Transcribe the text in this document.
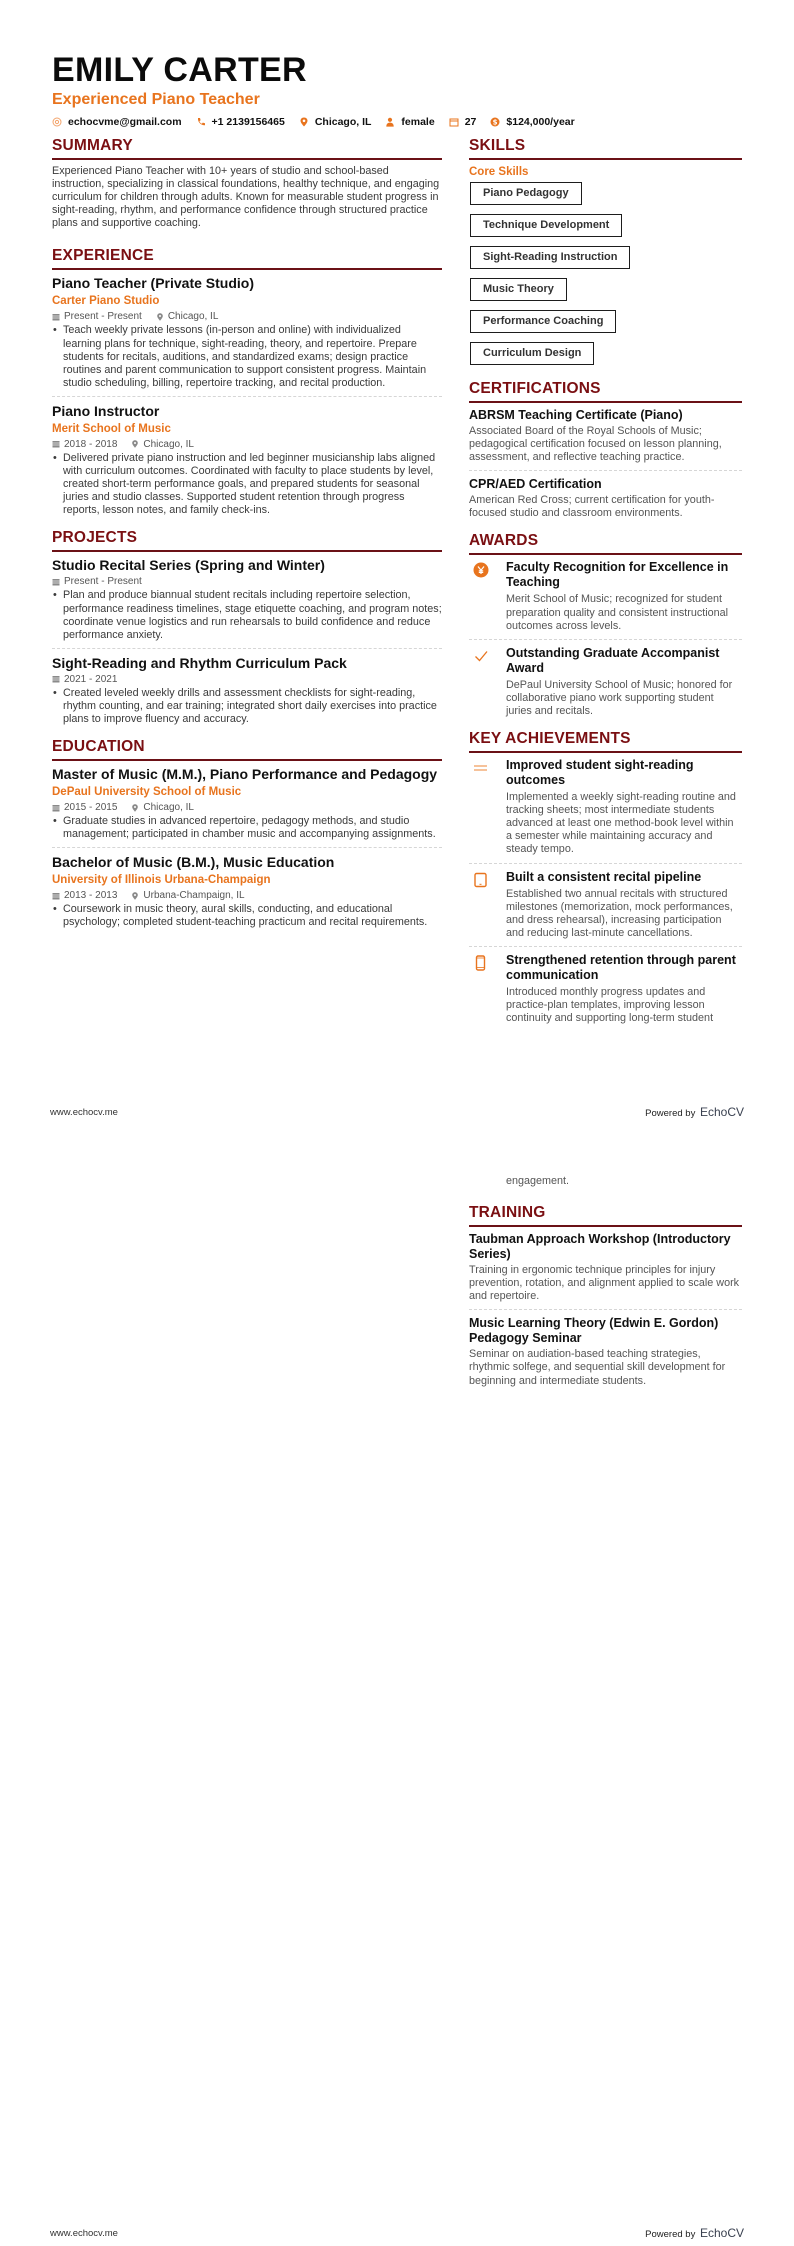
EMILY CARTER
Experienced Piano Teacher
echocvme@gmail.com	+1 2139156465	Chicago, IL	female	27 $ $124,000/year
SUMMARY

Experienced Piano Teacher with 10+ years of studio and school-based instruction, specializing in classical foundations, healthy technique, and engaging curriculum for children through adults. Known for measurable student progress in sight-reading, rhythm, and performance confidence through structured practice plans and supportive coaching.

EXPERIENCE
Piano Teacher (Private Studio)
Carter Piano Studio
Present - Present	Chicago, IL
• Teach weekly private lessons (in-person and online) with individualized learning plans for technique, sight-reading, theory, and repertoire. Prepare students for recitals, auditions, and standardized exams; design practice routines and parent communication to support consistent progress. Maintain studio scheduling, billing, repertoire tracking, and recital production.
Piano Instructor
Merit School of Music
2018 - 2018	Chicago, IL
• Delivered private piano instruction and led beginner musicianship labs aligned with curriculum outcomes. Coordinated with faculty to place students by level, created short-term performance goals, and prepared students for seasonal juries and studio classes. Supported student retention through progress reports, lesson notes, and family check-ins.
PROJECTS
Studio Recital Series (Spring and Winter)
Present - Present
• Plan and produce biannual student recitals including repertoire selection, performance readiness timelines, stage etiquette coaching, and program notes; coordinate venue logistics and run rehearsals to build confidence and reduce performance anxiety.
Sight-Reading and Rhythm Curriculum Pack
2021 - 2021
• Created leveled weekly drills and assessment checklists for sight-reading, rhythm counting, and ear training; integrated short daily exercises into practice plans to improve fluency and accuracy.
EDUCATION
Master of Music (M.M.), Piano Performance and Pedagogy
DePaul University School of Music
2015 - 2015	Chicago, IL
• Graduate studies in advanced repertoire, pedagogy methods, and studio management; participated in chamber music and accompanying assignments.
Bachelor of Music (B.M.), Music Education
University of Illinois Urbana-Champaign
2013 - 2013	Urbana-Champaign, IL
• Coursework in music theory, aural skills, conducting, and educational psychology; completed student-teaching practicum and recital requirements.
SKILLS
Core Skills
Piano Pedagogy
Technique Development
Sight-Reading Instruction
Music Theory
Performance Coaching
Curriculum Design
CERTIFICATIONS
ABRSM Teaching Certificate (Piano)
Associated Board of the Royal Schools of Music; pedagogical certification focused on lesson planning, assessment, and reflective teaching practice.
CPR/AED Certification
American Red Cross; current certification for youth-focused studio and classroom environments.
AWARDS
Faculty Recognition for Excellence in Teaching
Merit School of Music; recognized for student preparation quality and consistent instructional outcomes across levels.
Outstanding Graduate Accompanist Award
DePaul University School of Music; honored for collaborative piano work supporting student juries and recitals.
KEY ACHIEVEMENTS
Improved student sight-reading outcomes
Implemented a weekly sight-reading routine and tracking sheets; most intermediate students advanced at least one method-book level within a semester while maintaining accuracy and steady tempo.
Built a consistent recital pipeline
Established two annual recitals with structured milestones (memorization, mock performances, and dress rehearsal), increasing participation and reducing last-minute cancellations.
Strengthened retention through parent communication
Introduced monthly progress updates and practice-plan templates, improving lesson continuity and supporting long-term student
www.echocv.me	Powered by EchoCV
engagement.
TRAINING
Taubman Approach Workshop (Introductory Series)
Training in ergonomic technique principles for injury prevention, rotation, and alignment applied to scale work and repertoire.
Music Learning Theory (Edwin E. Gordon) Pedagogy Seminar
Seminar on audiation-based teaching strategies, rhythmic solfege, and sequential skill development for beginning and intermediate students.
www.echocv.me	Powered by EchoCV
